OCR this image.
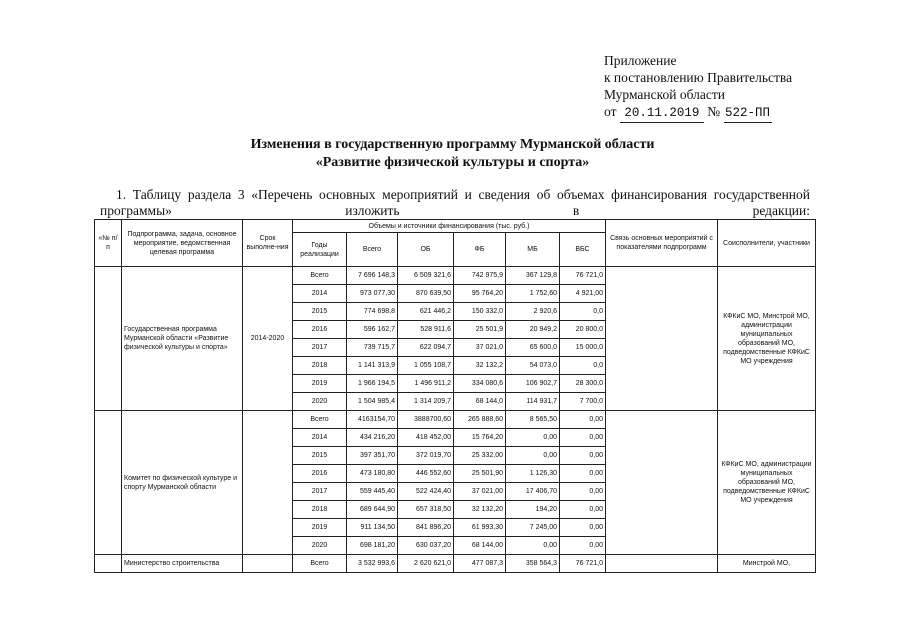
Приложение
к постановлению Правительства
Мурманской области
от 20.11.2019 № 522-ПП
Изменения в государственную программу Мурманской области
«Развитие физической культуры и спорта»
1. Таблицу раздела 3 «Перечень основных мероприятий и сведения об объемах финансирования государственной программы» изложить в редакции:
«№ п/п	Подпрограмма, задача, основное мероприятие, ведомственная целевая программа	Срок выполне-ния	Объемы и источники финансирования (тыс. руб.)						Связь основных мероприятий с показателями подпрограмм	Соисполнители, участники
			Годы реализации	Всего	ОБ	ФБ	МБ	ВБС		
	Государственная программа Мурманской области «Развитие физической культуры и спорта»	2014-2020	Всего	7 696 148,3	6 509 321,6	742 975,9	367 129,8	76 721,0		КФКиС МО, Минстрой МО, администрации муниципальных образований МО, подведомственные КФКиС МО учреждения
			2014	973 077,30	870 639,50	95 764,20	1 752,60	4 921,00		
			2015	774 698,8	621 446,2	150 332,0	2 920,6	0,0		
			2016	596 162,7	528 911,6	25 501,9	20 949,2	20 800,0		
			2017	739 715,7	622 094,7	37 021,0	65 600,0	15 000,0		
			2018	1 141 313,9	1 055 108,7	32 132,2	54 073,0	0,0		
			2019	1 966 194,5	1 496 911,2	334 080,6	106 902,7	28 300,0		
			2020	1 504 985,4	1 314 209,7	68 144,0	114 931,7	7 700,0		
	Комитет по физической культуре и спорту Мурманской области		Всего	4163154,70	3888700,60	265 888,60	8 565,50	0,00		КФКиС МО, администрации муниципальных образований МО, подведомственные КФКиС МО учреждения
			2014	434 216,20	418 452,00	15 764,20	0,00	0,00		
			2015	397 351,70	372 019,70	25 332,00	0,00	0,00		
			2016	473 180,80	446 552,60	25 501,90	1 126,30	0,00		
			2017	559 445,40	522 424,40	37 021,00	17 406,70	0,00		
			2018	689 644,90	657 318,50	32 132,20	194,20	0,00		
			2019	911 134,50	841 896,20	61 993,30	7 245,00	0,00		
			2020	698 181,20	630 037,20	68 144,00	0,00	0,00		
	Министерство строительства		Всего	3 532 993,6	2 620 621,0	477 087,3	358 564,3	76 721,0		Минстрой МО,
